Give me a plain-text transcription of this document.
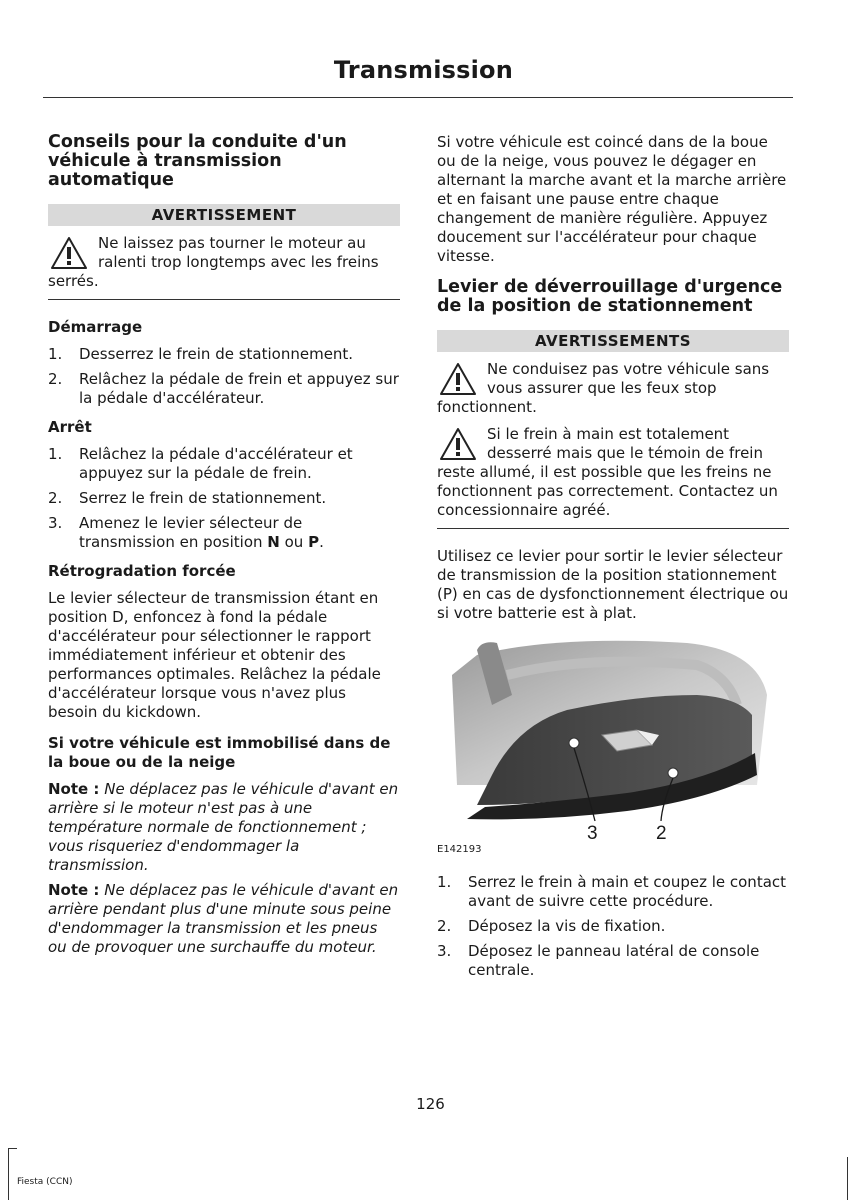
Transmission
Conseils pour la conduite d'un véhicule à transmission automatique
AVERTISSEMENT
Ne laissez pas tourner le moteur au ralenti trop longtemps avec les freins serrés.
Démarrage
1. Desserrez le frein de stationnement.
2. Relâchez la pédale de frein et appuyez sur la pédale d'accélérateur.
Arrêt
1. Relâchez la pédale d'accélérateur et appuyez sur la pédale de frein.
2. Serrez le frein de stationnement.
3. Amenez le levier sélecteur de transmission en position N ou P.
Rétrogradation forcée

Le levier sélecteur de transmission étant en position D, enfoncez à fond la pédale d'accélérateur pour sélectionner le rapport immédiatement inférieur et obtenir des performances optimales. Relâchez la pédale d'accélérateur lorsque vous n'avez plus besoin du kickdown.

Si votre véhicule est immobilisé dans de la boue ou de la neige
Note : Ne déplacez pas le véhicule d'avant en arrière si le moteur n'est pas à une température normale de fonctionnement ; vous risqueriez d'endommager la transmission.
Note : Ne déplacez pas le véhicule d'avant en arrière pendant plus d'une minute sous peine d'endommager la transmission et les pneus ou de provoquer une surchauffe du moteur.

Si votre véhicule est coincé dans de la boue ou de la neige, vous pouvez le dégager en alternant la marche avant et la marche arrière et en faisant une pause entre chaque changement de manière régulière. Appuyez doucement sur l'accélérateur pour chaque vitesse.

Levier de déverrouillage d'urgence de la position de stationnement
AVERTISSEMENTS
Ne conduisez pas votre véhicule sans vous assurer que les feux stop fonctionnent.
Si le frein à main est totalement desserré mais que le témoin de frein reste allumé, il est possible que les freins ne fonctionnent pas correctement. Contactez un concessionnaire agréé.

Utilisez ce levier pour sortir le levier sélecteur de transmission de la position stationnement (P) en cas de dysfonctionnement électrique ou si votre batterie est à plat.

3	2
E142193
1. Serrez le frein à main et coupez le contact avant de suivre cette procédure.
2. Déposez la vis de fixation.
3. Déposez le panneau latéral de console centrale.
126
Fiesta (CCN)
